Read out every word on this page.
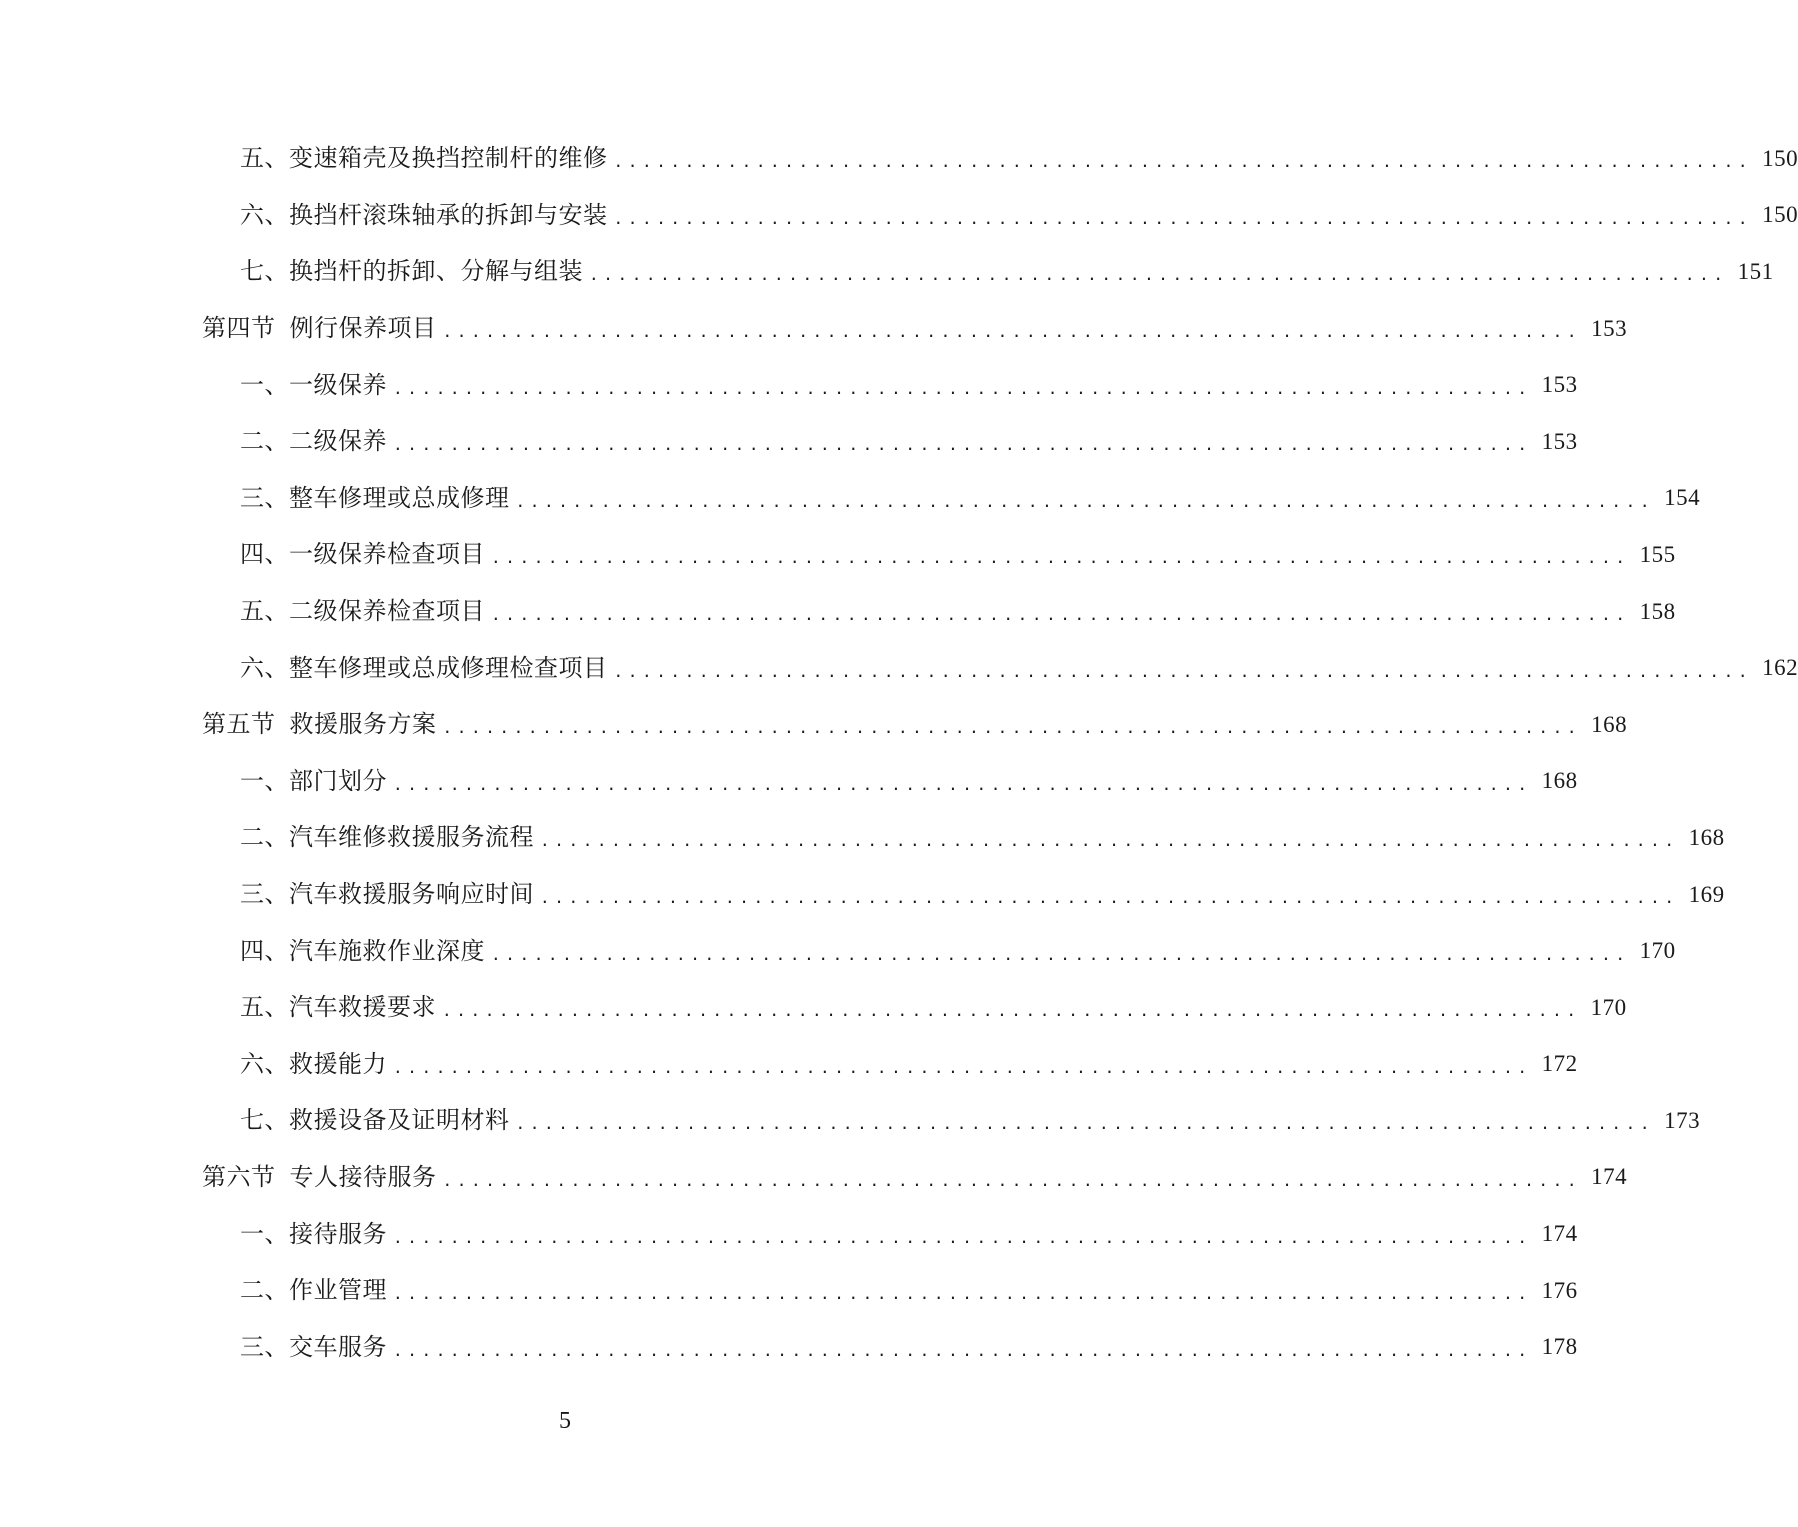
五、 变速箱壳及换挡控制杆的维修 ................................................................................ 150
六、 换挡杆滚珠轴承的拆卸与安装 ................................................................................ 150
七、 换挡杆的拆卸、分解与组装 ................................................................................ 151
第四节 例行保养项目 ................................................................................ 153
一、 一级保养 ................................................................................ 153
二、 二级保养 ................................................................................ 153
三、 整车修理或总成修理 ................................................................................ 154
四、 一级保养检查项目 ................................................................................ 155
五、 二级保养检查项目 ................................................................................ 158
六、 整车修理或总成修理检查项目 ................................................................................ 162
第五节 救援服务方案 ................................................................................ 168
一、 部门划分 ................................................................................ 168
二、 汽车维修救援服务流程 ................................................................................ 168
三、 汽车救援服务响应时间 ................................................................................ 169
四、 汽车施救作业深度 ................................................................................ 170
五、 汽车救援要求 ................................................................................ 170
六、 救援能力 ................................................................................ 172
七、 救援设备及证明材料 ................................................................................ 173
第六节 专人接待服务 ................................................................................ 174
一、 接待服务 ................................................................................ 174
二、 作业管理 ................................................................................ 176
三、 交车服务 ................................................................................ 178
5
